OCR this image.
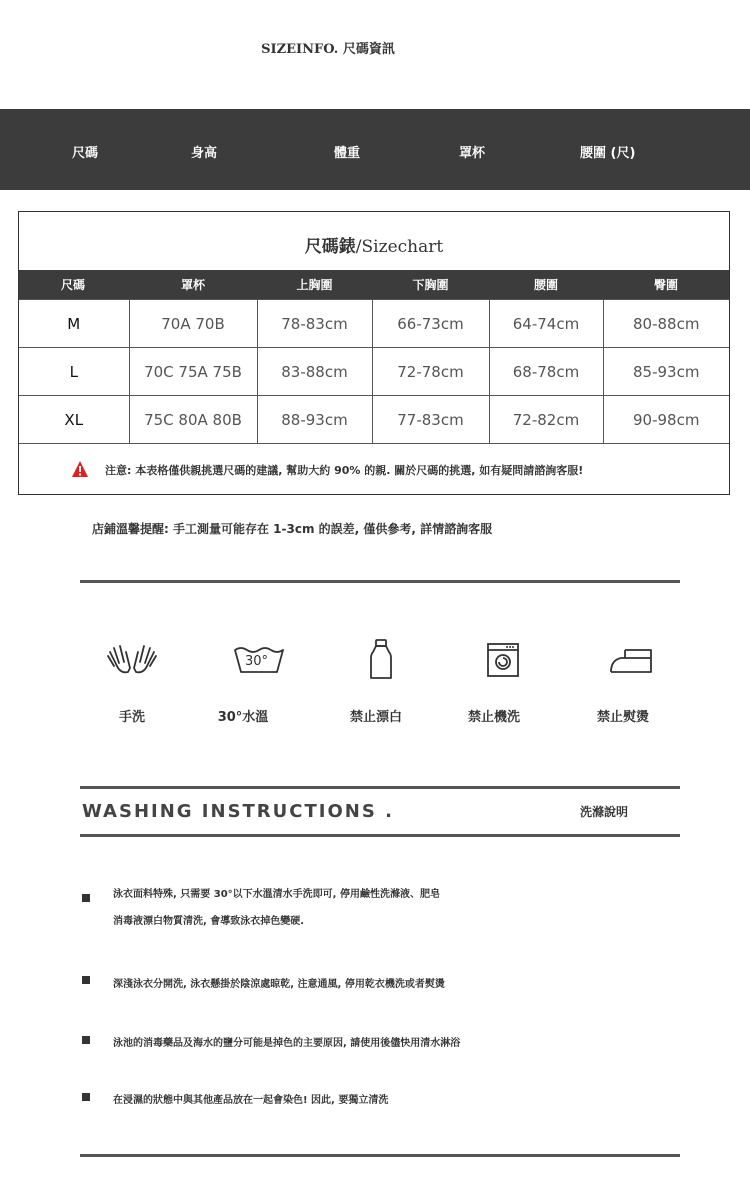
SIZEINFO. 尺碼資訊
尺碼	身高	體重	罩杯	腰圍 (尺)
尺碼錶/Sizechart
尺碼	罩杯	上胸圍	下胸圍	腰圍	臀圍
M	70A 70B	78-83cm	66-73cm	64-74cm	80-88cm
L	70C 75A 75B	83-88cm	72-78cm	68-78cm	85-93cm
XL	75C 80A 80B	88-93cm	77-83cm	72-82cm	90-98cm
注意: 本表格僅供親挑選尺碼的建議, 幫助大約 90% 的親. 關於尺碼的挑選, 如有疑問請諮詢客服!
店鋪溫馨提醒: 手工測量可能存在 1-3cm 的誤差, 僅供參考, 詳情諮詢客服
30°
手洗	30°水溫	禁止漂白	禁止機洗	禁止熨燙
WASHING INSTRUCTIONS .	洗滌說明
泳衣面料特殊, 只需要 30°以下水溫清水手洗即可, 停用鹼性洗滌液、肥皂
消毒液漂白物質清洗, 會導致泳衣掉色變硬.
深淺泳衣分開洗, 泳衣懸掛於陰涼處晾乾, 注意通風, 停用乾衣機洗或者熨燙
泳池的消毒藥品及海水的鹽分可能是掉色的主要原因, 請使用後儘快用清水淋浴
在浸濕的狀態中與其他產品放在一起會染色! 因此, 要獨立清洗
